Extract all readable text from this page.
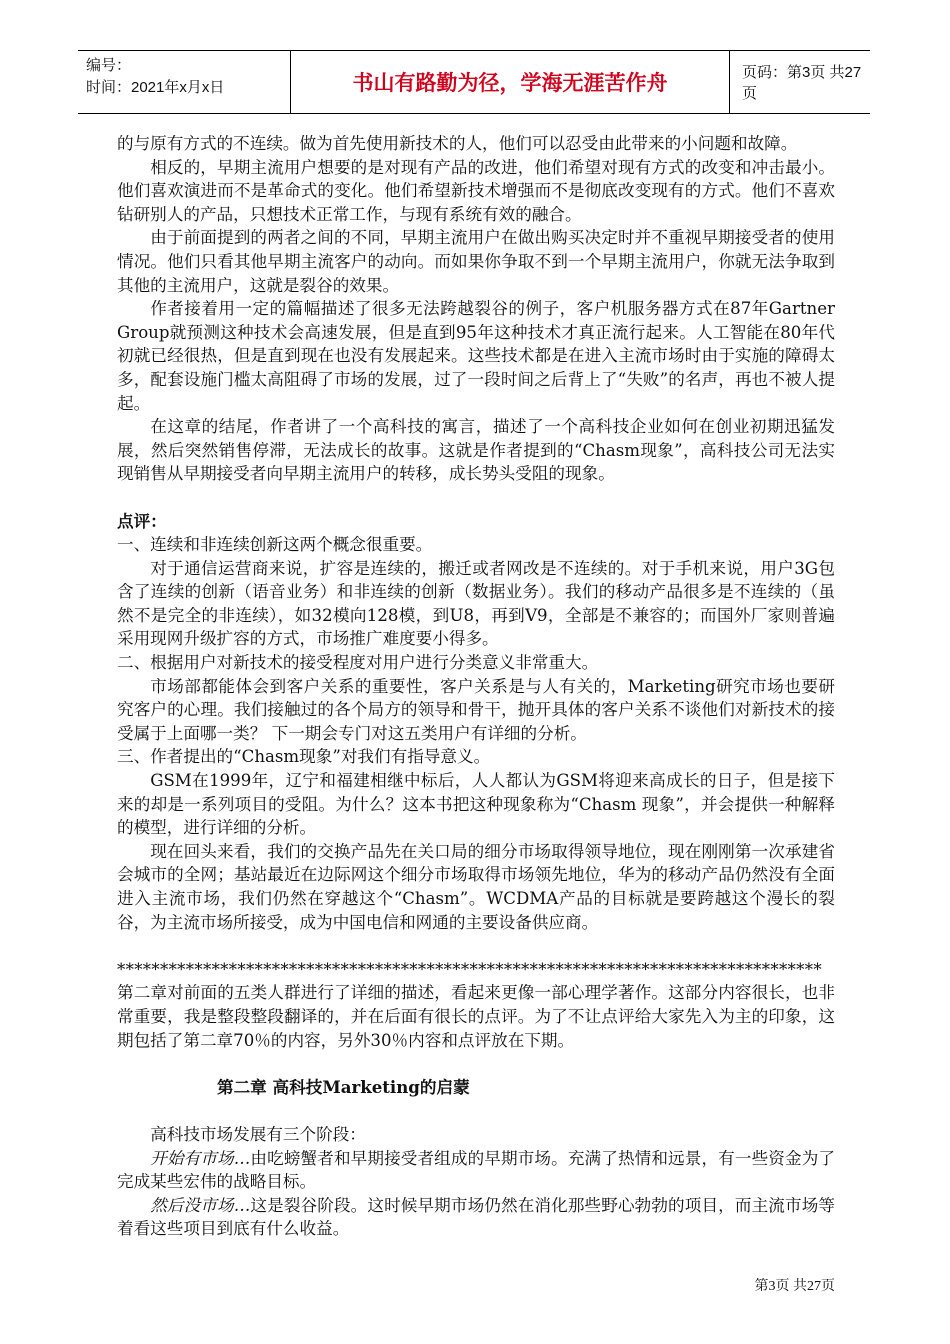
编号：
时间：2021年x月x日	书山有路勤为径，学海无涯苦作舟	页码：第3页 共27页

的与原有方式的不连续。做为首先使用新技术的人，他们可以忍受由此带来的小问题和故障。

相反的，早期主流用户想要的是对现有产品的改进，他们希望对现有方式的改变和冲击最小。他们喜欢演进而不是革命式的变化。他们希望新技术增强而不是彻底改变现有的方式。他们不喜欢钻研别人的产品，只想技术正常工作，与现有系统有效的融合。

由于前面提到的两者之间的不同，早期主流用户在做出购买决定时并不重视早期接受者的使用情况。他们只看其他早期主流客户的动向。而如果你争取不到一个早期主流用户，你就无法争取到其他的主流用户，这就是裂谷的效果。

作者接着用一定的篇幅描述了很多无法跨越裂谷的例子，客户机服务器方式在87年Gartner Group就预测这种技术会高速发展，但是直到95年这种技术才真正流行起来。人工智能在80年代初就已经很热，但是直到现在也没有发展起来。这些技术都是在进入主流市场时由于实施的障碍太多，配套设施门槛太高阻碍了市场的发展，过了一段时间之后背上了“失败”的名声，再也不被人提起。

在这章的结尾，作者讲了一个高科技的寓言，描述了一个高科技企业如何在创业初期迅猛发展，然后突然销售停滞，无法成长的故事。这就是作者提到的“Chasm现象”，高科技公司无法实现销售从早期接受者向早期主流用户的转移，成长势头受阻的现象。

点评：

一、连续和非连续创新这两个概念很重要。

对于通信运营商来说，扩容是连续的，搬迁或者网改是不连续的。对于手机来说，用户3G包含了连续的创新（语音业务）和非连续的创新（数据业务）。我们的移动产品很多是不连续的（虽然不是完全的非连续），如32模向128模，到U8，再到V9，全部是不兼容的；而国外厂家则普遍采用现网升级扩容的方式，市场推广难度要小得多。

二、根据用户对新技术的接受程度对用户进行分类意义非常重大。

市场部都能体会到客户关系的重要性，客户关系是与人有关的，Marketing研究市场也要研究客户的心理。我们接触过的各个局方的领导和骨干，抛开具体的客户关系不谈他们对新技术的接受属于上面哪一类？ 下一期会专门对这五类用户有详细的分析。

三、作者提出的“Chasm现象”对我们有指导意义。

GSM在1999年，辽宁和福建相继中标后，人人都认为GSM将迎来高成长的日子，但是接下来的却是一系列项目的受阻。为什么？这本书把这种现象称为“Chasm 现象”，并会提供一种解释的模型，进行详细的分析。

现在回头来看，我们的交换产品先在关口局的细分市场取得领导地位，现在刚刚第一次承建省会城市的全网；基站最近在边际网这个细分市场取得市场领先地位，华为的移动产品仍然没有全面进入主流市场，我们仍然在穿越这个“Chasm”。WCDMA产品的目标就是要跨越这个漫长的裂谷，为主流市场所接受，成为中国电信和网通的主要设备供应商。

**********************************************************************************

第二章对前面的五类人群进行了详细的描述，看起来更像一部心理学著作。这部分内容很长，也非常重要，我是整段整段翻译的，并在后面有很长的点评。为了不让点评给大家先入为主的印象，这期包括了第二章70％的内容，另外30％内容和点评放在下期。

第二章 高科技Marketing的启蒙

高科技市场发展有三个阶段：

开始有市场…由吃螃蟹者和早期接受者组成的早期市场。充满了热情和远景，有一些资金为了完成某些宏伟的战略目标。

然后没市场…这是裂谷阶段。这时候早期市场仍然在消化那些野心勃勃的项目，而主流市场等着看这些项目到底有什么收益。

第3页 共27页
